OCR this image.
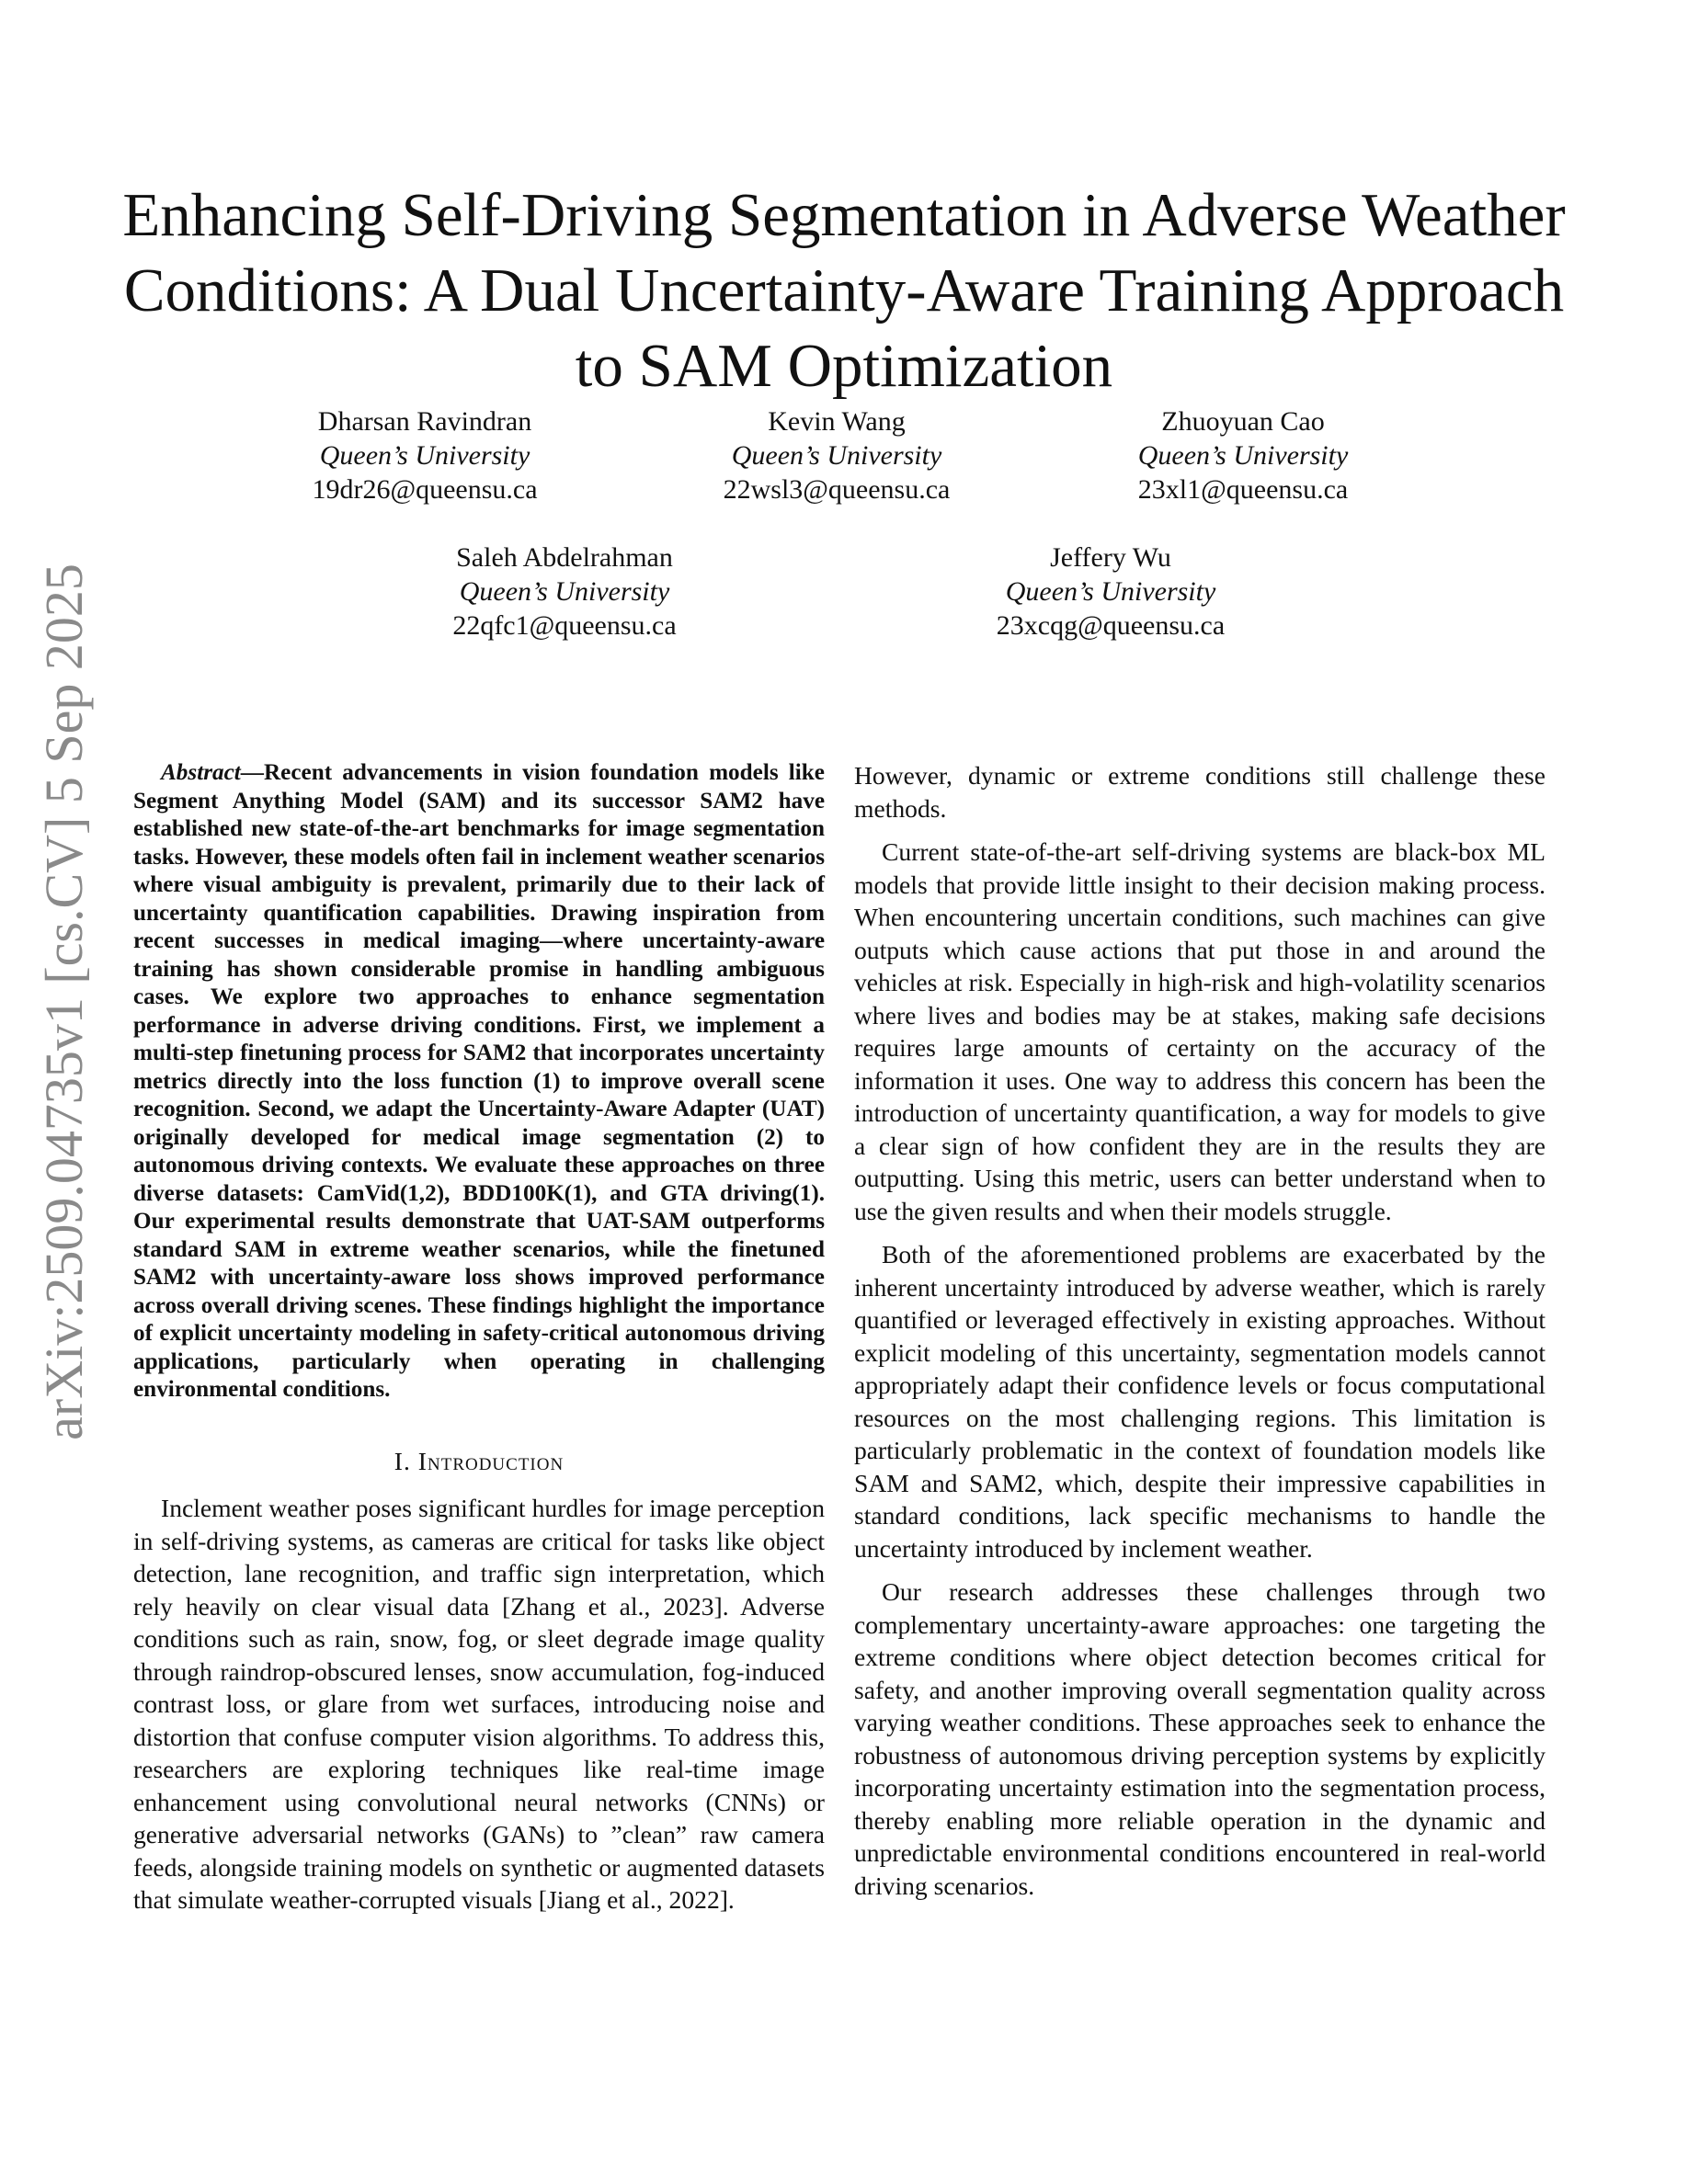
arXiv:2509.04735v1 [cs.CV] 5 Sep 2025
Enhancing Self-Driving Segmentation in Adverse Weather Conditions: A Dual Uncertainty-Aware Training Approach to SAM Optimization
Dharsan Ravindran
Queen’s University
19dr26@queensu.ca
Kevin Wang
Queen’s University
22wsl3@queensu.ca
Zhuoyuan Cao
Queen’s University
23xl1@queensu.ca
Saleh Abdelrahman
Queen’s University
22qfc1@queensu.ca
Jeffery Wu
Queen’s University
23xcqg@queensu.ca

Abstract—Recent advancements in vision foundation models like Segment Anything Model (SAM) and its successor SAM2 have established new state-of-the-art benchmarks for image segmentation tasks. However, these models often fail in inclement weather scenarios where visual ambiguity is prevalent, primarily due to their lack of uncertainty quantification capabilities. Drawing inspiration from recent successes in medical imaging—where uncertainty-aware training has shown considerable promise in handling ambiguous cases. We explore two approaches to enhance segmentation performance in adverse driving conditions. First, we implement a multi-step finetuning process for SAM2 that incorporates uncertainty metrics directly into the loss function (1) to improve overall scene recognition. Second, we adapt the Uncertainty-Aware Adapter (UAT) originally developed for medical image segmentation (2) to autonomous driving contexts. We evaluate these approaches on three diverse datasets: CamVid(1,2), BDD100K(1), and GTA driving(1). Our experimental results demonstrate that UAT-SAM outperforms standard SAM in extreme weather scenarios, while the finetuned SAM2 with uncertainty-aware loss shows improved performance across overall driving scenes. These findings highlight the importance of explicit uncertainty modeling in safety-critical autonomous driving applications, particularly when operating in challenging environmental conditions.

I. Introduction

Inclement weather poses significant hurdles for image perception in self-driving systems, as cameras are critical for tasks like object detection, lane recognition, and traffic sign interpretation, which rely heavily on clear visual data [Zhang et al., 2023]. Adverse conditions such as rain, snow, fog, or sleet degrade image quality through raindrop-obscured lenses, snow accumulation, fog-induced contrast loss, or glare from wet surfaces, introducing noise and distortion that confuse computer vision algorithms. To address this, researchers are exploring techniques like real-time image enhancement using convolutional neural networks (CNNs) or generative adversarial networks (GANs) to ”clean” raw camera feeds, alongside training models on synthetic or augmented datasets that simulate weather-corrupted visuals [Jiang et al., 2022].

However, dynamic or extreme conditions still challenge these methods.

Current state-of-the-art self-driving systems are black-box ML models that provide little insight to their decision making process. When encountering uncertain conditions, such machines can give outputs which cause actions that put those in and around the vehicles at risk. Especially in high-risk and high-volatility scenarios where lives and bodies may be at stakes, making safe decisions requires large amounts of certainty on the accuracy of the information it uses. One way to address this concern has been the introduction of uncertainty quantification, a way for models to give a clear sign of how confident they are in the results they are outputting. Using this metric, users can better understand when to use the given results and when their models struggle.

Both of the aforementioned problems are exacerbated by the inherent uncertainty introduced by adverse weather, which is rarely quantified or leveraged effectively in existing approaches. Without explicit modeling of this uncertainty, segmentation models cannot appropriately adapt their confidence levels or focus computational resources on the most challenging regions. This limitation is particularly problematic in the context of foundation models like SAM and SAM2, which, despite their impressive capabilities in standard conditions, lack specific mechanisms to handle the uncertainty introduced by inclement weather.

Our research addresses these challenges through two complementary uncertainty-aware approaches: one targeting the extreme conditions where object detection becomes critical for safety, and another improving overall segmentation quality across varying weather conditions. These approaches seek to enhance the robustness of autonomous driving perception systems by explicitly incorporating uncertainty estimation into the segmentation process, thereby enabling more reliable operation in the dynamic and unpredictable environmental conditions encountered in real-world driving scenarios.
